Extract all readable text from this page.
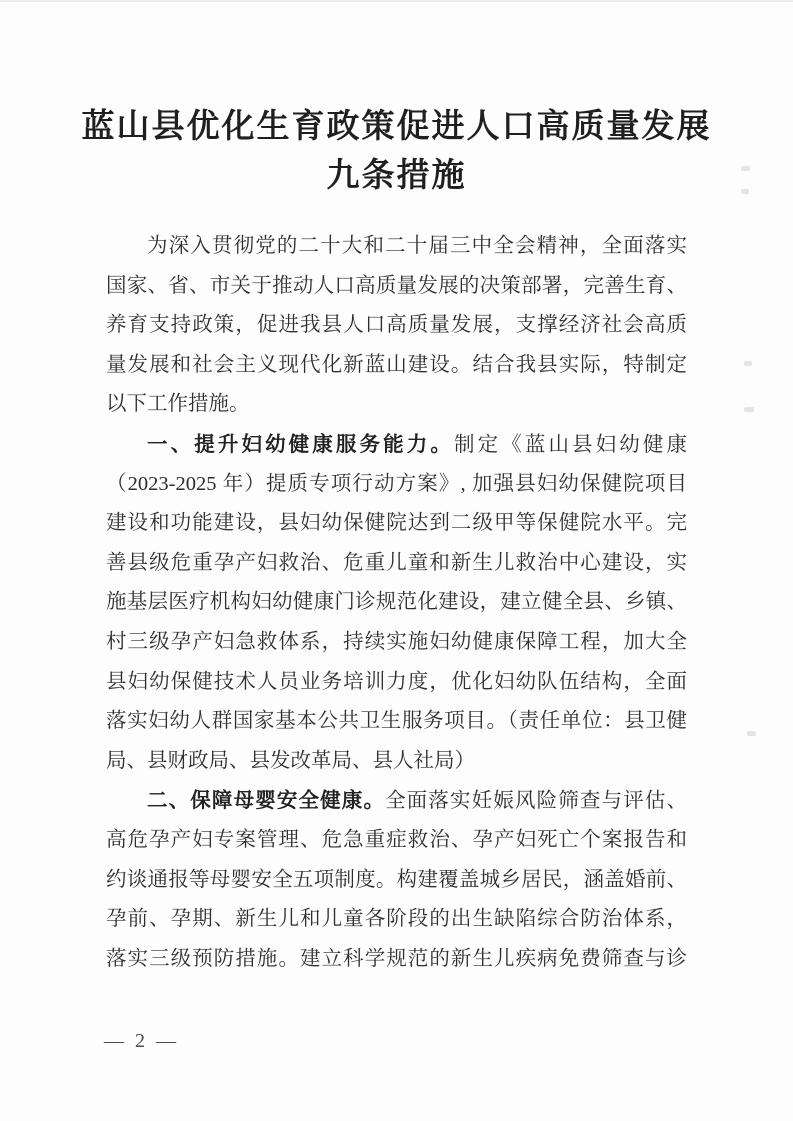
蓝山县优化生育政策促进人口高质量发展
九条措施
为深入贯彻党的二十大和二十届三中全会精神，全面落实
国家、省、市关于推动人口高质量发展的决策部署，完善生育、
养育支持政策，促进我县人口高质量发展，支撑经济社会高质
量发展和社会主义现代化新蓝山建设。结合我县实际，特制定
以下工作措施。
一、提升妇幼健康服务能力。制定《蓝山县妇幼健康
（2023-2025 年）提质专项行动方案》, 加强县妇幼保健院项目
建设和功能建设，县妇幼保健院达到二级甲等保健院水平。完
善县级危重孕产妇救治、危重儿童和新生儿救治中心建设，实
施基层医疗机构妇幼健康门诊规范化建设，建立健全县、乡镇、
村三级孕产妇急救体系，持续实施妇幼健康保障工程，加大全
县妇幼保健技术人员业务培训力度，优化妇幼队伍结构，全面
落实妇幼人群国家基本公共卫生服务项目。（责任单位：县卫健
局、县财政局、县发改革局、县人社局）
二、保障母婴安全健康。全面落实妊娠风险筛查与评估、
高危孕产妇专案管理、危急重症救治、孕产妇死亡个案报告和
约谈通报等母婴安全五项制度。构建覆盖城乡居民，涵盖婚前、
孕前、孕期、新生儿和儿童各阶段的出生缺陷综合防治体系，
落实三级预防措施。建立科学规范的新生儿疾病免费筛查与诊
— 2 —
